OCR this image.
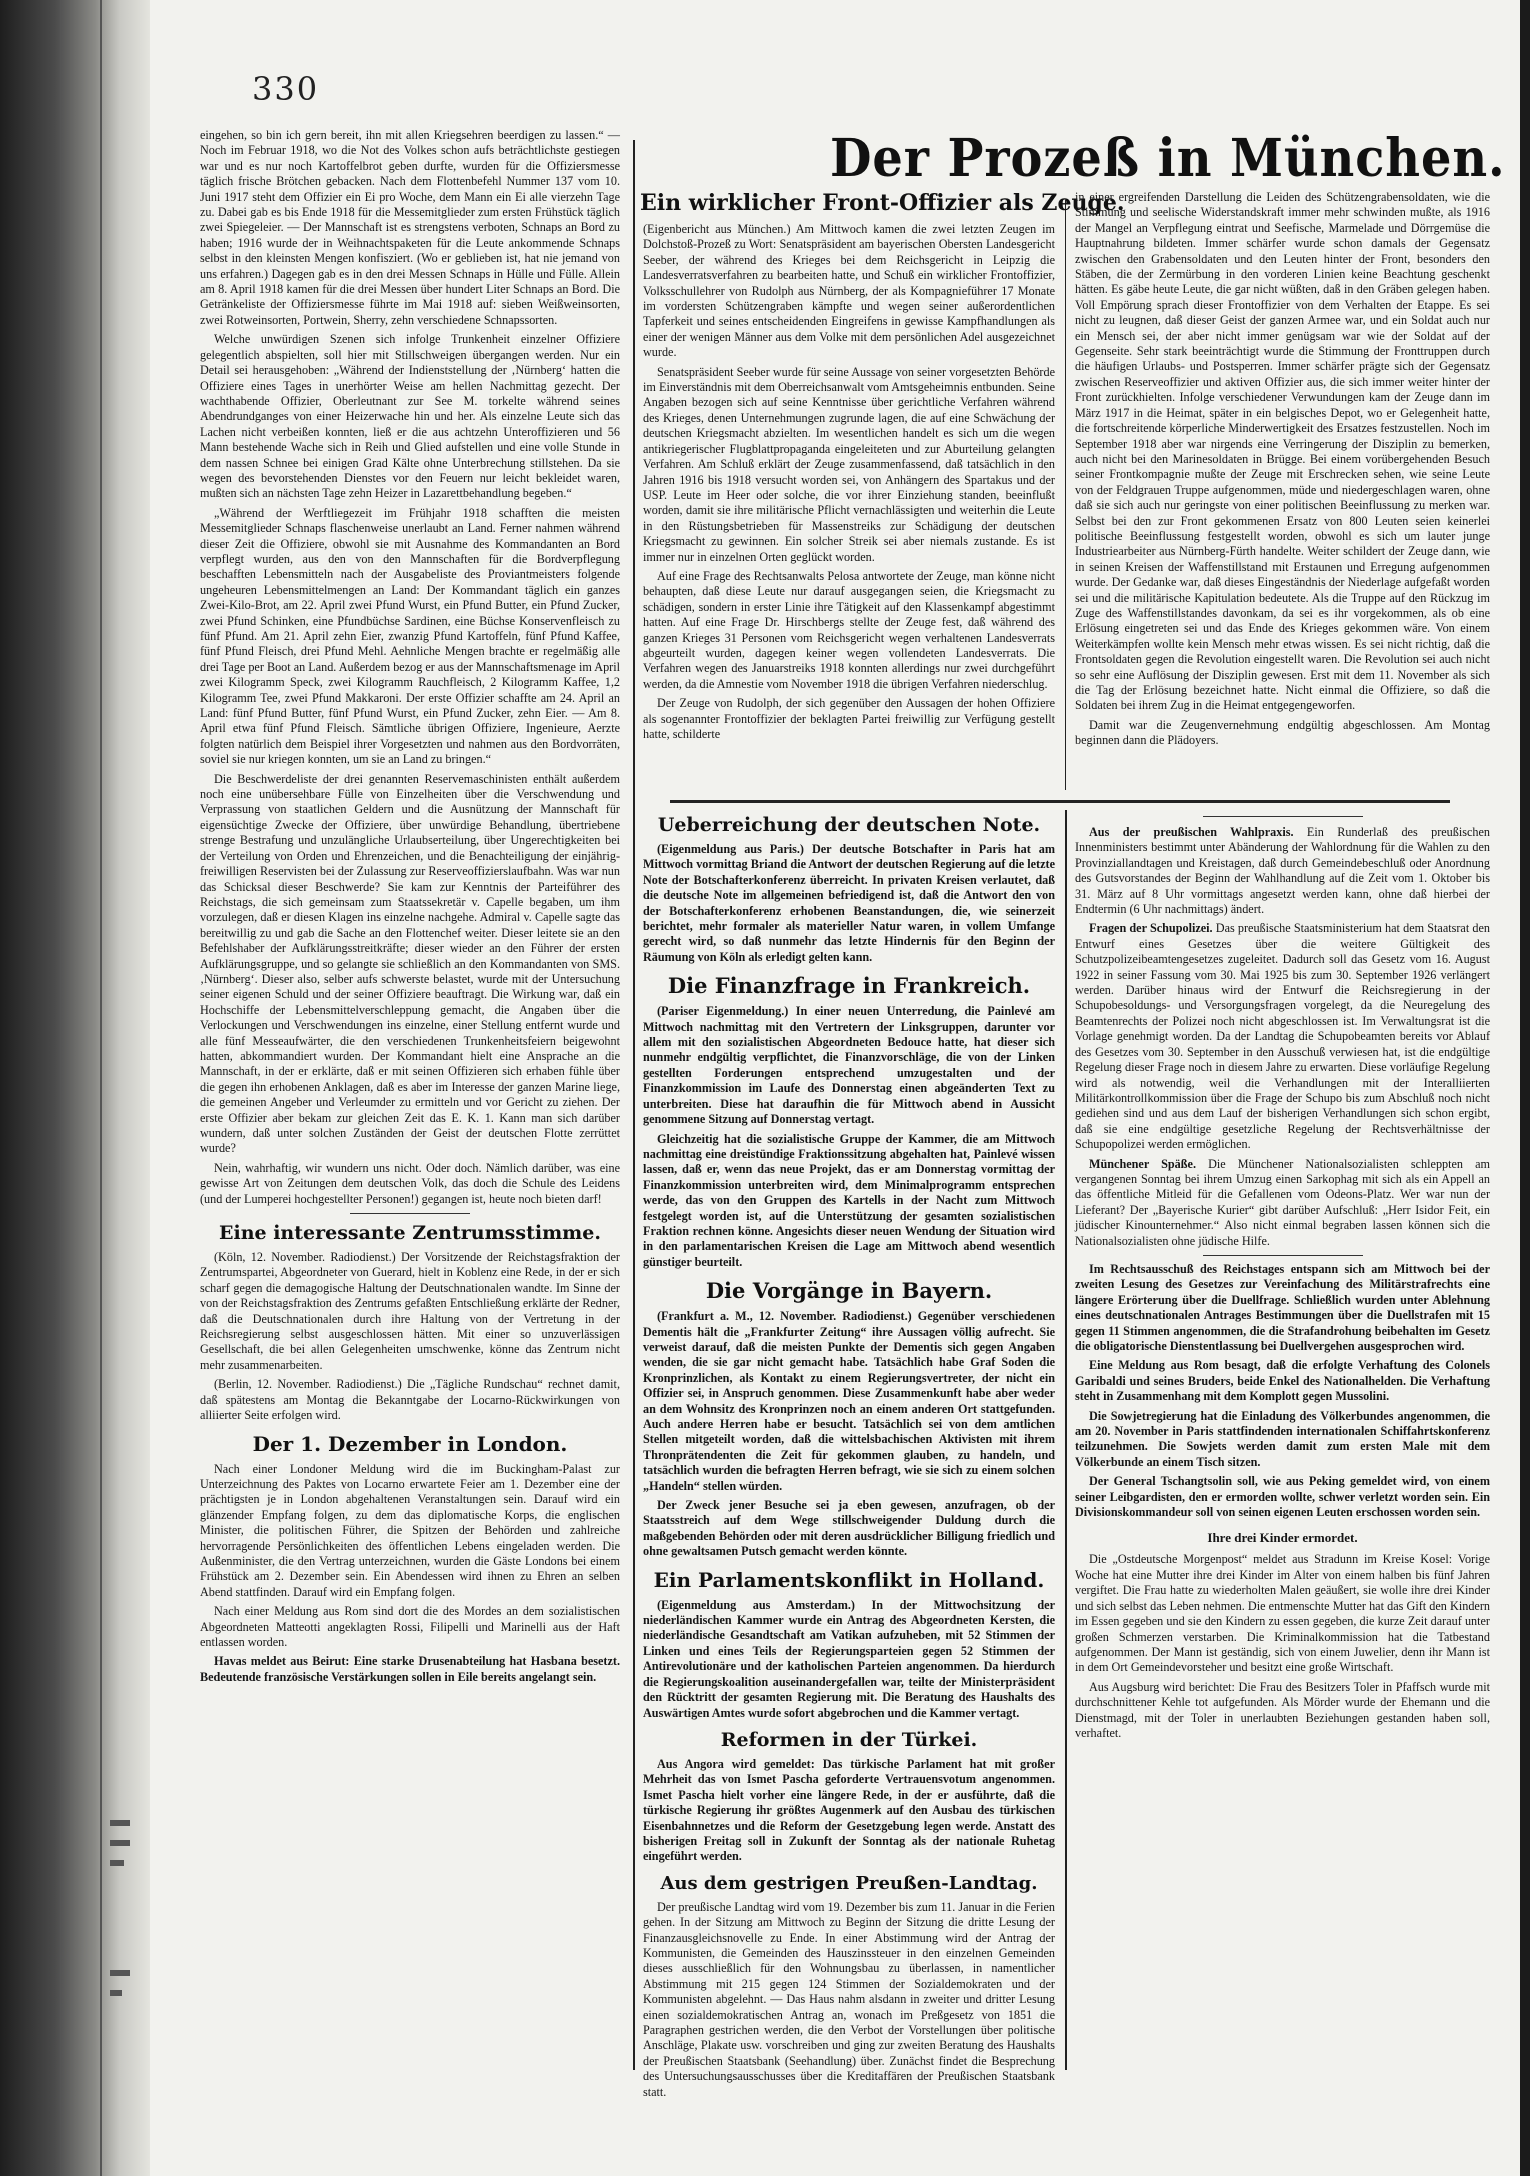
330
Der Prozeß in München.

eingehen, so bin ich gern bereit, ihn mit allen Kriegsehren beerdigen zu lassen.“ — Noch im Februar 1918, wo die Not des Volkes schon aufs beträchtlichste gestiegen war und es nur noch Kartoffelbrot geben durfte, wurden für die Offiziersmesse täglich frische Brötchen gebacken. Nach dem Flottenbefehl Nummer 137 vom 10. Juni 1917 steht dem Offizier ein Ei pro Woche, dem Mann ein Ei alle vierzehn Tage zu. Dabei gab es bis Ende 1918 für die Messemitglieder zum ersten Frühstück täglich zwei Spiegeleier. — Der Mannschaft ist es strengstens verboten, Schnaps an Bord zu haben; 1916 wurde der in Weihnachtspaketen für die Leute ankommende Schnaps selbst in den kleinsten Mengen konfisziert. (Wo er geblieben ist, hat nie jemand von uns erfahren.) Dagegen gab es in den drei Messen Schnaps in Hülle und Fülle. Allein am 8. April 1918 kamen für die drei Messen über hundert Liter Schnaps an Bord. Die Getränkeliste der Offiziersmesse führte im Mai 1918 auf: sieben Weißweinsorten, zwei Rotweinsorten, Portwein, Sherry, zehn verschiedene Schnapssorten.

Welche unwürdigen Szenen sich infolge Trunkenheit einzelner Offiziere gelegentlich abspielten, soll hier mit Stillschweigen übergangen werden. Nur ein Detail sei herausgehoben: „Während der Indienststellung der ‚Nürnberg‘ hatten die Offiziere eines Tages in unerhörter Weise am hellen Nachmittag gezecht. Der wachthabende Offizier, Oberleutnant zur See M. torkelte während seines Abendrundganges von einer Heizerwache hin und her. Als einzelne Leute sich das Lachen nicht verbeißen konnten, ließ er die aus achtzehn Unteroffizieren und 56 Mann bestehende Wache sich in Reih und Glied aufstellen und eine volle Stunde in dem nassen Schnee bei einigen Grad Kälte ohne Unterbrechung stillstehen. Da sie wegen des bevorstehenden Dienstes vor den Feuern nur leicht bekleidet waren, mußten sich an nächsten Tage zehn Heizer in Lazarettbehandlung begeben.“

„Während der Werftliegezeit im Frühjahr 1918 schafften die meisten Messemitglieder Schnaps flaschenweise unerlaubt an Land. Ferner nahmen während dieser Zeit die Offiziere, obwohl sie mit Ausnahme des Kommandanten an Bord verpflegt wurden, aus den von den Mannschaften für die Bordverpflegung beschafften Lebensmitteln nach der Ausgabeliste des Proviantmeisters folgende ungeheuren Lebensmittelmengen an Land: Der Kommandant täglich ein ganzes Zwei-Kilo-Brot, am 22. April zwei Pfund Wurst, ein Pfund Butter, ein Pfund Zucker, zwei Pfund Schinken, eine Pfundbüchse Sardinen, eine Büchse Konservenfleisch zu fünf Pfund. Am 21. April zehn Eier, zwanzig Pfund Kartoffeln, fünf Pfund Kaffee, fünf Pfund Fleisch, drei Pfund Mehl. Aehnliche Mengen brachte er regelmäßig alle drei Tage per Boot an Land. Außerdem bezog er aus der Mannschaftsmenage im April zwei Kilogramm Speck, zwei Kilogramm Rauchfleisch, 2 Kilogramm Kaffee, 1,2 Kilogramm Tee, zwei Pfund Makkaroni. Der erste Offizier schaffte am 24. April an Land: fünf Pfund Butter, fünf Pfund Wurst, ein Pfund Zucker, zehn Eier. — Am 8. April etwa fünf Pfund Fleisch. Sämtliche übrigen Offiziere, Ingenieure, Aerzte folgten natürlich dem Beispiel ihrer Vorgesetzten und nahmen aus den Bordvorräten, soviel sie nur kriegen konnten, um sie an Land zu bringen.“

Die Beschwerdeliste der drei genannten Reservemaschinisten enthält außerdem noch eine unübersehbare Fülle von Einzelheiten über die Verschwendung und Verprassung von staatlichen Geldern und die Ausnützung der Mannschaft für eigensüchtige Zwecke der Offiziere, über unwürdige Behandlung, übertriebene strenge Bestrafung und unzulängliche Urlaubserteilung, über Ungerechtigkeiten bei der Verteilung von Orden und Ehrenzeichen, und die Benachteiligung der einjährig-freiwilligen Reservisten bei der Zulassung zur Reserveoffizierslaufbahn. Was war nun das Schicksal dieser Beschwerde? Sie kam zur Kenntnis der Parteiführer des Reichstags, die sich gemeinsam zum Staatssekretär v. Capelle begaben, um ihm vorzulegen, daß er diesen Klagen ins einzelne nachgehe. Admiral v. Capelle sagte das bereitwillig zu und gab die Sache an den Flottenchef weiter. Dieser leitete sie an den Befehlshaber der Aufklärungsstreitkräfte; dieser wieder an den Führer der ersten Aufklärungsgruppe, und so gelangte sie schließlich an den Kommandanten von SMS. ‚Nürnberg‘. Dieser also, selber aufs schwerste belastet, wurde mit der Untersuchung seiner eigenen Schuld und der seiner Offiziere beauftragt. Die Wirkung war, daß ein Hochschiffe der Lebensmittelverschleppung gemacht, die Angaben über die Verlockungen und Verschwendungen ins einzelne, einer Stellung entfernt wurde und alle fünf Messeaufwärter, die den verschiedenen Trunkenheitsfeiern beigewohnt hatten, abkommandiert wurden. Der Kommandant hielt eine Ansprache an die Mannschaft, in der er erklärte, daß er mit seinen Offizieren sich erhaben fühle über die gegen ihn erhobenen Anklagen, daß es aber im Interesse der ganzen Marine liege, die gemeinen Angeber und Verleumder zu ermitteln und vor Gericht zu ziehen. Der erste Offizier aber bekam zur gleichen Zeit das E. K. 1. Kann man sich darüber wundern, daß unter solchen Zuständen der Geist der deutschen Flotte zerrüttet wurde?

Nein, wahrhaftig, wir wundern uns nicht. Oder doch. Nämlich darüber, was eine gewisse Art von Zeitungen dem deutschen Volk, das doch die Schule des Leidens (und der Lumperei hochgestellter Personen!) gegangen ist, heute noch bieten darf!

Eine interessante Zentrumsstimme.

(Köln, 12. November. Radiodienst.) Der Vorsitzende der Reichstagsfraktion der Zentrumspartei, Abgeordneter von Guerard, hielt in Koblenz eine Rede, in der er sich scharf gegen die demagogische Haltung der Deutschnationalen wandte. Im Sinne der von der Reichstagsfraktion des Zentrums gefaßten Entschließung erklärte der Redner, daß die Deutschnationalen durch ihre Haltung von der Vertretung in der Reichsregierung selbst ausgeschlossen hätten. Mit einer so unzuverlässigen Gesellschaft, die bei allen Gelegenheiten umschwenke, könne das Zentrum nicht mehr zusammenarbeiten.

(Berlin, 12. November. Radiodienst.) Die „Tägliche Rundschau“ rechnet damit, daß spätestens am Montag die Bekanntgabe der Locarno-Rückwirkungen von alliierter Seite erfolgen wird.

Der 1. Dezember in London.

Nach einer Londoner Meldung wird die im Buckingham-Palast zur Unterzeichnung des Paktes von Locarno erwartete Feier am 1. Dezember eine der prächtigsten je in London abgehaltenen Veranstaltungen sein. Darauf wird ein glänzender Empfang folgen, zu dem das diplomatische Korps, die englischen Minister, die politischen Führer, die Spitzen der Behörden und zahlreiche hervorragende Persönlichkeiten des öffentlichen Lebens eingeladen werden. Die Außenminister, die den Vertrag unterzeichnen, wurden die Gäste Londons bei einem Frühstück am 2. Dezember sein. Ein Abendessen wird ihnen zu Ehren an selben Abend stattfinden. Darauf wird ein Empfang folgen.

Nach einer Meldung aus Rom sind dort die des Mordes an dem sozialistischen Abgeordneten Matteotti angeklagten Rossi, Filipelli und Marinelli aus der Haft entlassen worden.

Havas meldet aus Beirut: Eine starke Drusenabteilung hat Hasbana besetzt. Bedeutende französische Verstärkungen sollen in Eile bereits angelangt sein.

Ein wirklicher Front-Offizier als Zeuge.

(Eigenbericht aus München.) Am Mittwoch kamen die zwei letzten Zeugen im Dolchstoß-Prozeß zu Wort: Senatspräsident am bayerischen Obersten Landesgericht Seeber, der während des Krieges bei dem Reichsgericht in Leipzig die Landesverratsverfahren zu bearbeiten hatte, und Schuß ein wirklicher Frontoffizier, Volksschullehrer von Rudolph aus Nürnberg, der als Kompagnieführer 17 Monate im vordersten Schützengraben kämpfte und wegen seiner außerordentlichen Tapferkeit und seines entscheidenden Eingreifens in gewisse Kampfhandlungen als einer der wenigen Männer aus dem Volke mit dem persönlichen Adel ausgezeichnet wurde.

Senatspräsident Seeber wurde für seine Aussage von seiner vorgesetzten Behörde im Einverständnis mit dem Oberreichsanwalt vom Amtsgeheimnis entbunden. Seine Angaben bezogen sich auf seine Kenntnisse über gerichtliche Verfahren während des Krieges, denen Unternehmungen zugrunde lagen, die auf eine Schwächung der deutschen Kriegsmacht abzielten. Im wesentlichen handelt es sich um die wegen antikriegerischer Flugblattpropaganda eingeleiteten und zur Aburteilung gelangten Verfahren. Am Schluß erklärt der Zeuge zusammenfassend, daß tatsächlich in den Jahren 1916 bis 1918 versucht worden sei, von Anhängern des Spartakus und der USP. Leute im Heer oder solche, die vor ihrer Einziehung standen, beeinflußt worden, damit sie ihre militärische Pflicht vernachlässigten und weiterhin die Leute in den Rüstungsbetrieben für Massenstreiks zur Schädigung der deutschen Kriegsmacht zu gewinnen. Ein solcher Streik sei aber niemals zustande. Es ist immer nur in einzelnen Orten geglückt worden.

Auf eine Frage des Rechtsanwalts Pelosa antwortete der Zeuge, man könne nicht behaupten, daß diese Leute nur darauf ausgegangen seien, die Kriegsmacht zu schädigen, sondern in erster Linie ihre Tätigkeit auf den Klassenkampf abgestimmt hatten. Auf eine Frage Dr. Hirschbergs stellte der Zeuge fest, daß während des ganzen Krieges 31 Personen vom Reichsgericht wegen verhaltenen Landesverrats abgeurteilt wurden, dagegen keiner wegen vollendeten Landesverrats. Die Verfahren wegen des Januarstreiks 1918 konnten allerdings nur zwei durchgeführt werden, da die Amnestie vom November 1918 die übrigen Verfahren niederschlug.

Der Zeuge von Rudolph, der sich gegenüber den Aussagen der hohen Offiziere als sogenannter Frontoffizier der beklagten Partei freiwillig zur Verfügung gestellt hatte, schilderte

in einer ergreifenden Darstellung die Leiden des Schützengrabensoldaten, wie die Stimmung und seelische Widerstandskraft immer mehr schwinden mußte, als 1916 der Mangel an Verpflegung eintrat und Seefische, Marmelade und Dörrgemüse die Hauptnahrung bildeten. Immer schärfer wurde schon damals der Gegensatz zwischen den Grabensoldaten und den Leuten hinter der Front, besonders den Stäben, die der Zermürbung in den vorderen Linien keine Beachtung geschenkt hätten. Es gäbe heute Leute, die gar nicht wüßten, daß in den Gräben gelegen haben. Voll Empörung sprach dieser Frontoffizier von dem Verhalten der Etappe. Es sei nicht zu leugnen, daß dieser Geist der ganzen Armee war, und ein Soldat auch nur ein Mensch sei, der aber nicht immer genügsam war wie der Soldat auf der Gegenseite. Sehr stark beeinträchtigt wurde die Stimmung der Fronttruppen durch die häufigen Urlaubs- und Postsperren. Immer schärfer prägte sich der Gegensatz zwischen Reserveoffizier und aktiven Offizier aus, die sich immer weiter hinter der Front zurückhielten. Infolge verschiedener Verwundungen kam der Zeuge dann im März 1917 in die Heimat, später in ein belgisches Depot, wo er Gelegenheit hatte, die fortschreitende körperliche Minderwertigkeit des Ersatzes festzustellen. Noch im September 1918 aber war nirgends eine Verringerung der Disziplin zu bemerken, auch nicht bei den Marinesoldaten in Brügge. Bei einem vorübergehenden Besuch seiner Frontkompagnie mußte der Zeuge mit Erschrecken sehen, wie seine Leute von der Feldgrauen Truppe aufgenommen, müde und niedergeschlagen waren, ohne daß sie sich auch nur geringste von einer politischen Beeinflussung zu merken war. Selbst bei den zur Front gekommenen Ersatz von 800 Leuten seien keinerlei politische Beeinflussung festgestellt worden, obwohl es sich um lauter junge Industriearbeiter aus Nürnberg-Fürth handelte. Weiter schildert der Zeuge dann, wie in seinen Kreisen der Waffenstillstand mit Erstaunen und Erregung aufgenommen wurde. Der Gedanke war, daß dieses Eingeständnis der Niederlage aufgefaßt worden sei und die militärische Kapitulation bedeutete. Als die Truppe auf den Rückzug im Zuge des Waffenstillstandes davonkam, da sei es ihr vorgekommen, als ob eine Erlösung eingetreten sei und das Ende des Krieges gekommen wäre. Von einem Weiterkämpfen wollte kein Mensch mehr etwas wissen. Es sei nicht richtig, daß die Frontsoldaten gegen die Revolution eingestellt waren. Die Revolution sei auch nicht so sehr eine Auflösung der Disziplin gewesen. Erst mit dem 11. November als sich die Tag der Erlösung bezeichnet hatte. Nicht einmal die Offiziere, so daß die Soldaten bei ihrem Zug in die Heimat entgegengeworfen.

Damit war die Zeugenvernehmung endgültig abgeschlossen. Am Montag beginnen dann die Plädoyers.

Ueberreichung der deutschen Note.

(Eigenmeldung aus Paris.) Der deutsche Botschafter in Paris hat am Mittwoch vormittag Briand die Antwort der deutschen Regierung auf die letzte Note der Botschafterkonferenz überreicht. In privaten Kreisen verlautet, daß die deutsche Note im allgemeinen befriedigend ist, daß die Antwort den von der Botschafterkonferenz erhobenen Beanstandungen, die, wie seinerzeit berichtet, mehr formaler als materieller Natur waren, in vollem Umfange gerecht wird, so daß nunmehr das letzte Hindernis für den Beginn der Räumung von Köln als erledigt gelten kann.

Die Finanzfrage in Frankreich.

(Pariser Eigenmeldung.) In einer neuen Unterredung, die Painlevé am Mittwoch nachmittag mit den Vertretern der Linksgruppen, darunter vor allem mit den sozialistischen Abgeordneten Bedouce hatte, hat dieser sich nunmehr endgültig verpflichtet, die Finanzvorschläge, die von der Linken gestellten Forderungen entsprechend umzugestalten und der Finanzkommission im Laufe des Donnerstag einen abgeänderten Text zu unterbreiten. Diese hat daraufhin die für Mittwoch abend in Aussicht genommene Sitzung auf Donnerstag vertagt.

Gleichzeitig hat die sozialistische Gruppe der Kammer, die am Mittwoch nachmittag eine dreistündige Fraktionssitzung abgehalten hat, Painlevé wissen lassen, daß er, wenn das neue Projekt, das er am Donnerstag vormittag der Finanzkommission unterbreiten wird, dem Minimalprogramm entsprechen werde, das von den Gruppen des Kartells in der Nacht zum Mittwoch festgelegt worden ist, auf die Unterstützung der gesamten sozialistischen Fraktion rechnen könne. Angesichts dieser neuen Wendung der Situation wird in den parlamentarischen Kreisen die Lage am Mittwoch abend wesentlich günstiger beurteilt.

Die Vorgänge in Bayern.

(Frankfurt a. M., 12. November. Radiodienst.) Gegenüber verschiedenen Dementis hält die „Frankfurter Zeitung“ ihre Aussagen völlig aufrecht. Sie verweist darauf, daß die meisten Punkte der Dementis sich gegen Angaben wenden, die sie gar nicht gemacht habe. Tatsächlich habe Graf Soden die Kronprinzlichen, als Kontakt zu einem Regierungsvertreter, der nicht ein Offizier sei, in Anspruch genommen. Diese Zusammenkunft habe aber weder an dem Wohnsitz des Kronprinzen noch an einem anderen Ort stattgefunden. Auch andere Herren habe er besucht. Tatsächlich sei von dem amtlichen Stellen mitgeteilt worden, daß die wittelsbachischen Aktivisten mit ihrem Thronprätendenten die Zeit für gekommen glauben, zu handeln, und tatsächlich wurden die befragten Herren befragt, wie sie sich zu einem solchen „Handeln“ stellen würden.

Der Zweck jener Besuche sei ja eben gewesen, anzufragen, ob der Staatsstreich auf dem Wege stillschweigender Duldung durch die maßgebenden Behörden oder mit deren ausdrücklicher Billigung friedlich und ohne gewaltsamen Putsch gemacht werden könnte.

Ein Parlamentskonflikt in Holland.

(Eigenmeldung aus Amsterdam.) In der Mittwochsitzung der niederländischen Kammer wurde ein Antrag des Abgeordneten Kersten, die niederländische Gesandtschaft am Vatikan aufzuheben, mit 52 Stimmen der Linken und eines Teils der Regierungsparteien gegen 52 Stimmen der Antirevolutionäre und der katholischen Parteien angenommen. Da hierdurch die Regierungskoalition auseinandergefallen war, teilte der Ministerpräsident den Rücktritt der gesamten Regierung mit. Die Beratung des Haushalts des Auswärtigen Amtes wurde sofort abgebrochen und die Kammer vertagt.

Reformen in der Türkei.

Aus Angora wird gemeldet: Das türkische Parlament hat mit großer Mehrheit das von Ismet Pascha geforderte Vertrauensvotum angenommen. Ismet Pascha hielt vorher eine längere Rede, in der er ausführte, daß die türkische Regierung ihr größtes Augenmerk auf den Ausbau des türkischen Eisenbahnnetzes und die Reform der Gesetzgebung legen werde. Anstatt des bisherigen Freitag soll in Zukunft der Sonntag als der nationale Ruhetag eingeführt werden.

Aus dem gestrigen Preußen-Landtag.

Der preußische Landtag wird vom 19. Dezember bis zum 11. Januar in die Ferien gehen. In der Sitzung am Mittwoch zu Beginn der Sitzung die dritte Lesung der Finanzausgleichsnovelle zu Ende. In einer Abstimmung wird der Antrag der Kommunisten, die Gemeinden des Hauszinssteuer in den einzelnen Gemeinden dieses ausschließlich für den Wohnungsbau zu überlassen, in namentlicher Abstimmung mit 215 gegen 124 Stimmen der Sozialdemokraten und der Kommunisten abgelehnt. — Das Haus nahm alsdann in zweiter und dritter Lesung einen sozialdemokratischen Antrag an, wonach im Preßgesetz von 1851 die Paragraphen gestrichen werden, die den Verbot der Vorstellungen über politische Anschläge, Plakate usw. vorschreiben und ging zur zweiten Beratung des Haushalts der Preußischen Staatsbank (Seehandlung) über. Zunächst findet die Besprechung des Untersuchungsausschusses über die Kreditaffären der Preußischen Staatsbank statt.

Aus der preußischen Wahlpraxis. Ein Runderlaß des preußischen Innenministers bestimmt unter Abänderung der Wahlordnung für die Wahlen zu den Provinziallandtagen und Kreistagen, daß durch Gemeindebeschluß oder Anordnung des Gutsvorstandes der Beginn der Wahlhandlung auf die Zeit vom 1. Oktober bis 31. März auf 8 Uhr vormittags angesetzt werden kann, ohne daß hierbei der Endtermin (6 Uhr nachmittags) ändert.

Fragen der Schupolizei. Das preußische Staatsministerium hat dem Staatsrat den Entwurf eines Gesetzes über die weitere Gültigkeit des Schutzpolizeibeamtengesetzes zugeleitet. Dadurch soll das Gesetz vom 16. August 1922 in seiner Fassung vom 30. Mai 1925 bis zum 30. September 1926 verlängert werden. Darüber hinaus wird der Entwurf die Reichsregierung in der Schupobesoldungs- und Versorgungsfragen vorgelegt, da die Neuregelung des Beamtenrechts der Polizei noch nicht abgeschlossen ist. Im Verwaltungsrat ist die Vorlage genehmigt worden. Da der Landtag die Schupobeamten bereits vor Ablauf des Gesetzes vom 30. September in den Ausschuß verwiesen hat, ist die endgültige Regelung dieser Frage noch in diesem Jahre zu erwarten. Diese vorläufige Regelung wird als notwendig, weil die Verhandlungen mit der Interalliierten Militärkontrollkommission über die Frage der Schupo bis zum Abschluß noch nicht gediehen sind und aus dem Lauf der bisherigen Verhandlungen sich schon ergibt, daß sie eine endgültige gesetzliche Regelung der Rechtsverhältnisse der Schupopolizei werden ermöglichen.

Münchener Späße. Die Münchener Nationalsozialisten schleppten am vergangenen Sonntag bei ihrem Umzug einen Sarkophag mit sich als ein Appell an das öffentliche Mitleid für die Gefallenen vom Odeons-Platz. Wer war nun der Lieferant? Der „Bayerische Kurier“ gibt darüber Aufschluß: „Herr Isidor Feit, ein jüdischer Kinounternehmer.“ Also nicht einmal begraben lassen können sich die Nationalsozialisten ohne jüdische Hilfe.

Im Rechtsausschuß des Reichstages entspann sich am Mittwoch bei der zweiten Lesung des Gesetzes zur Vereinfachung des Militärstrafrechts eine längere Erörterung über die Duellfrage. Schließlich wurden unter Ablehnung eines deutschnationalen Antrages Bestimmungen über die Duellstrafen mit 15 gegen 11 Stimmen angenommen, die die Strafandrohung beibehalten im Gesetz die obligatorische Dienstentlassung bei Duellvergehen ausgesprochen wird.

Eine Meldung aus Rom besagt, daß die erfolgte Verhaftung des Colonels Garibaldi und seines Bruders, beide Enkel des Nationalhelden. Die Verhaftung steht in Zusammenhang mit dem Komplott gegen Mussolini.

Die Sowjetregierung hat die Einladung des Völkerbundes angenommen, die am 20. November in Paris stattfindenden internationalen Schiffahrtskonferenz teilzunehmen. Die Sowjets werden damit zum ersten Male mit dem Völkerbunde an einem Tisch sitzen.

Der General Tschangtsolin soll, wie aus Peking gemeldet wird, von einem seiner Leibgardisten, den er ermorden wollte, schwer verletzt worden sein. Ein Divisionskommandeur soll von seinen eigenen Leuten erschossen worden sein.

Ihre drei Kinder ermordet.

Die „Ostdeutsche Morgenpost“ meldet aus Stradunn im Kreise Kosel: Vorige Woche hat eine Mutter ihre drei Kinder im Alter von einem halben bis fünf Jahren vergiftet. Die Frau hatte zu wiederholten Malen geäußert, sie wolle ihre drei Kinder und sich selbst das Leben nehmen. Die entmenschte Mutter hat das Gift den Kindern im Essen gegeben und sie den Kindern zu essen gegeben, die kurze Zeit darauf unter großen Schmerzen verstarben. Die Kriminalkommission hat die Tatbestand aufgenommen. Der Mann ist geständig, sich von einem Juwelier, denn ihr Mann ist in dem Ort Gemeindevorsteher und besitzt eine große Wirtschaft.

Aus Augsburg wird berichtet: Die Frau des Besitzers Toler in Pfaffsch wurde mit durchschnittener Kehle tot aufgefunden. Als Mörder wurde der Ehemann und die Dienstmagd, mit der Toler in unerlaubten Beziehungen gestanden haben soll, verhaftet.
